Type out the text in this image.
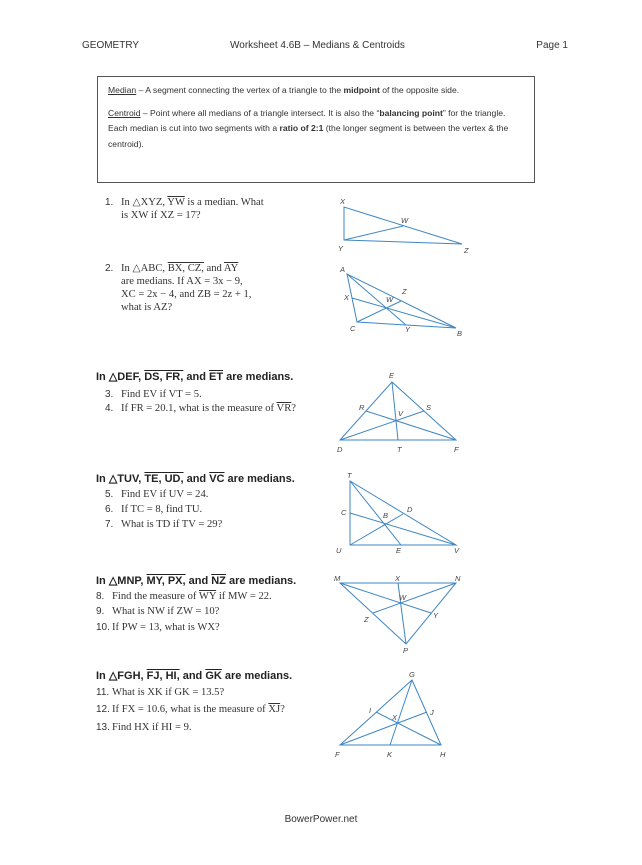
GEOMETRY	Worksheet 4.6B – Medians & Centroids	Page 1

Median – A segment connecting the vertex of a triangle to the midpoint of the opposite side.

Centroid – Point where all medians of a triangle intersect. It is also the “balancing point” for the triangle. Each median is cut into two segments with a ratio of 2:1 (the longer segment is between the vertex & the centroid).

1. In △XYZ, $\overline{YW}$ is a median. What
is XW if XZ = 17?
2. In △ABC, BX, CZ, and $\overline{AY}$
are medians. If AX = 3x − 9,
XC = 2x − 4, and ZB = 2z + 1,
what is AZ?
In △DEF, DS, FR, and $\overline{ET}$ are medians.
3. Find EV if VT = 5.
4. If FR = 20.1, what is the measure of $\overline{VR}$?
In △TUV, TE, UD, and $\overline{VC}$ are medians.
5. Find EV if UV = 24.
6. If TC = 8, find TU.
7. What is TD if TV = 29?
In △MNP, MY, PX, and $\overline{NZ}$ are medians.
8. Find the measure of $\overline{WY}$ if MW = 22.
9. What is NW if ZW = 10?
10. If PW = 13, what is WX?
In △FGH, FJ, HI, and $\overline{GK}$ are medians.
11. What is XK if GK = 13.5?
12. If FX = 10.6, what is the measure of $\overline{XJ}$?
13. Find HX if HI = 9.
X
W
Y	Z
A
X	W
Z
C	Y	B
E
R	S
V
D	T	F
T
C	D
B
U	E	V
M	X	N
W
Z	Y
P
G
I	J
X
F	K	H
BowerPower.net
